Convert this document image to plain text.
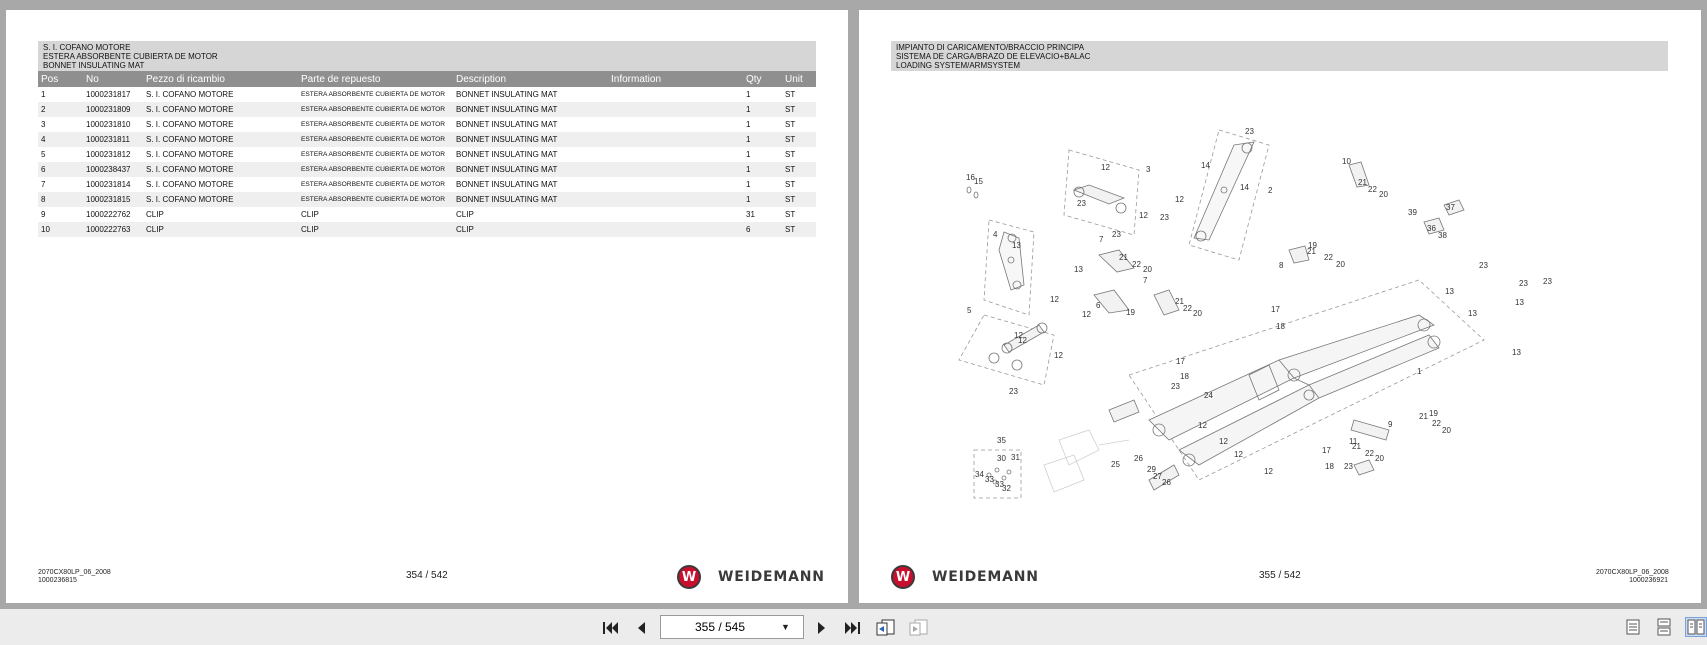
S. I. COFANO MOTORE
ESTERA ABSORBENTE CUBIERTA DE MOTOR
BONNET INSULATING MAT
Pos	No	Pezzo di ricambio	Parte de repuesto	Description	Information	Qty	Unit
1	1000231817	S. I. COFANO MOTORE	ESTERA ABSORBENTE CUBIERTA DE MOTOR	BONNET INSULATING MAT		1	ST
2	1000231809	S. I. COFANO MOTORE	ESTERA ABSORBENTE CUBIERTA DE MOTOR	BONNET INSULATING MAT		1	ST
3	1000231810	S. I. COFANO MOTORE	ESTERA ABSORBENTE CUBIERTA DE MOTOR	BONNET INSULATING MAT		1	ST
4	1000231811	S. I. COFANO MOTORE	ESTERA ABSORBENTE CUBIERTA DE MOTOR	BONNET INSULATING MAT		1	ST
5	1000231812	S. I. COFANO MOTORE	ESTERA ABSORBENTE CUBIERTA DE MOTOR	BONNET INSULATING MAT		1	ST
6	1000238437	S. I. COFANO MOTORE	ESTERA ABSORBENTE CUBIERTA DE MOTOR	BONNET INSULATING MAT		1	ST
7	1000231814	S. I. COFANO MOTORE	ESTERA ABSORBENTE CUBIERTA DE MOTOR	BONNET INSULATING MAT		1	ST
8	1000231815	S. I. COFANO MOTORE	ESTERA ABSORBENTE CUBIERTA DE MOTOR	BONNET INSULATING MAT		1	ST
9	1000222762	CLIP	CLIP	CLIP		31	ST
10	1000222763	CLIP	CLIP	CLIP		6	ST
2070CX80LP_06_2008
1000236815	354 / 542	W	WEIDEMANN
IMPIANTO DI CARICAMENTO/BRACCIO PRINCIPA
SISTEMA DE CARGA/BRAZO DE ELEVACIO+BALAC
LOADING SYSTEM/ARMSYSTEM
1
2
3
4
5
6
7
7
8
9
10
11
12
12
12
12
12
12
12
12
12
12
12
12
13
13
13
13
13
13
14
14
15
16
17
17
17
18
18
18
19
19
19
20
20
20
20
20
20
21
21
21
21
21
21
22
22
22
22
22
22
23
23
23
23
23 23
23
23
23
23
24
25
26
26
27
29
30 31
32
33
33
34
35
36
37
38
39
2070CX80LP_06_2008
1000236921
355 / 542
W	WEIDEMANN
355 / 545
▼
